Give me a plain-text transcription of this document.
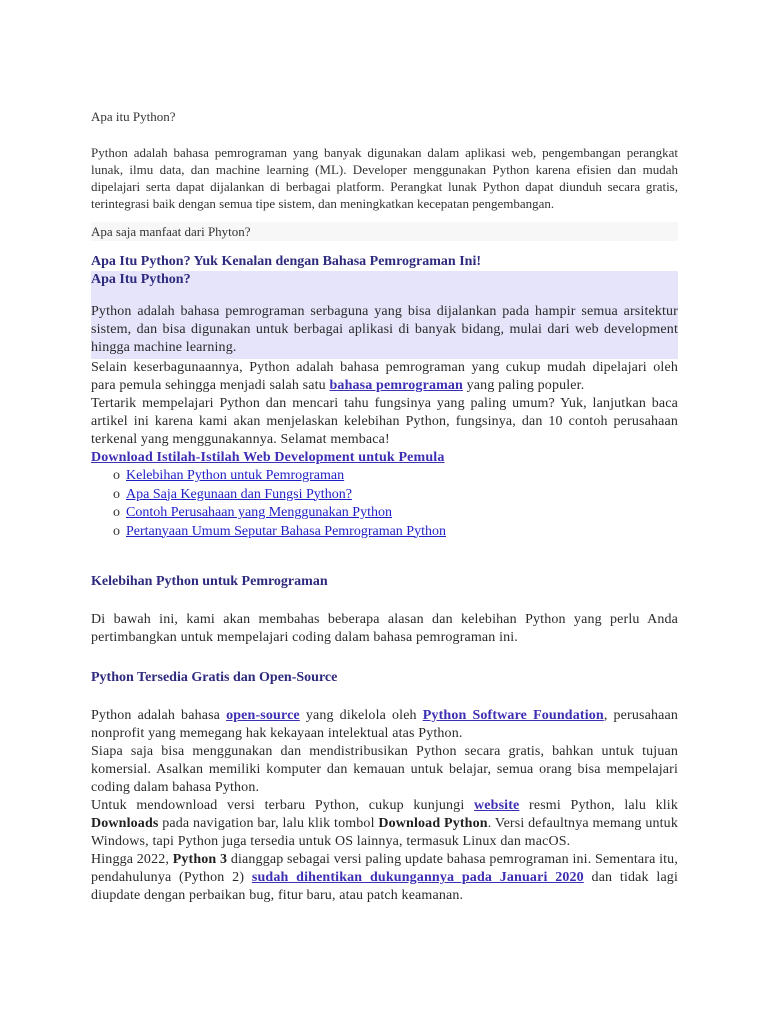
Apa itu Python?

Python adalah bahasa pemrograman yang banyak digunakan dalam aplikasi web, pengembangan perangkat lunak, ilmu data, dan machine learning (ML). Developer menggunakan Python karena efisien dan mudah dipelajari serta dapat dijalankan di berbagai platform. Perangkat lunak Python dapat diunduh secara gratis, terintegrasi baik dengan semua tipe sistem, dan meningkatkan kecepatan pengembangan.

Apa saja manfaat dari Phyton?

Apa Itu Python? Yuk Kenalan dengan Bahasa Pemrograman Ini!

Apa Itu Python?

Python adalah bahasa pemrograman serbaguna yang bisa dijalankan pada hampir semua arsitektur sistem, dan bisa digunakan untuk berbagai aplikasi di banyak bidang, mulai dari web development hingga machine learning.

Selain keserbagunaannya, Python adalah bahasa pemrograman yang cukup mudah dipelajari oleh para pemula sehingga menjadi salah satu bahasa pemrograman yang paling populer.

Tertarik mempelajari Python dan mencari tahu fungsinya yang paling umum? Yuk, lanjutkan baca artikel ini karena kami akan menjelaskan kelebihan Python, fungsinya, dan 10 contoh perusahaan terkenal yang menggunakannya. Selamat membaca!

Download Istilah-Istilah Web Development untuk Pemula

o Kelebihan Python untuk Pemrograman
o Apa Saja Kegunaan dan Fungsi Python?
o Contoh Perusahaan yang Menggunakan Python
o Pertanyaan Umum Seputar Bahasa Pemrograman Python
Kelebihan Python untuk Pemrograman

Di bawah ini, kami akan membahas beberapa alasan dan kelebihan Python yang perlu Anda pertimbangkan untuk mempelajari coding dalam bahasa pemrograman ini.

Python Tersedia Gratis dan Open-Source

Python adalah bahasa open-source yang dikelola oleh Python Software Foundation, perusahaan nonprofit yang memegang hak kekayaan intelektual atas Python.

Siapa saja bisa menggunakan dan mendistribusikan Python secara gratis, bahkan untuk tujuan komersial. Asalkan memiliki komputer dan kemauan untuk belajar, semua orang bisa mempelajari coding dalam bahasa Python.

Untuk mendownload versi terbaru Python, cukup kunjungi website resmi Python, lalu klik Downloads pada navigation bar, lalu klik tombol Download Python. Versi defaultnya memang untuk Windows, tapi Python juga tersedia untuk OS lainnya, termasuk Linux dan macOS.

Hingga 2022, Python 3 dianggap sebagai versi paling update bahasa pemrograman ini. Sementara itu, pendahulunya (Python 2) sudah dihentikan dukungannya pada Januari 2020 dan tidak lagi diupdate dengan perbaikan bug, fitur baru, atau patch keamanan.
